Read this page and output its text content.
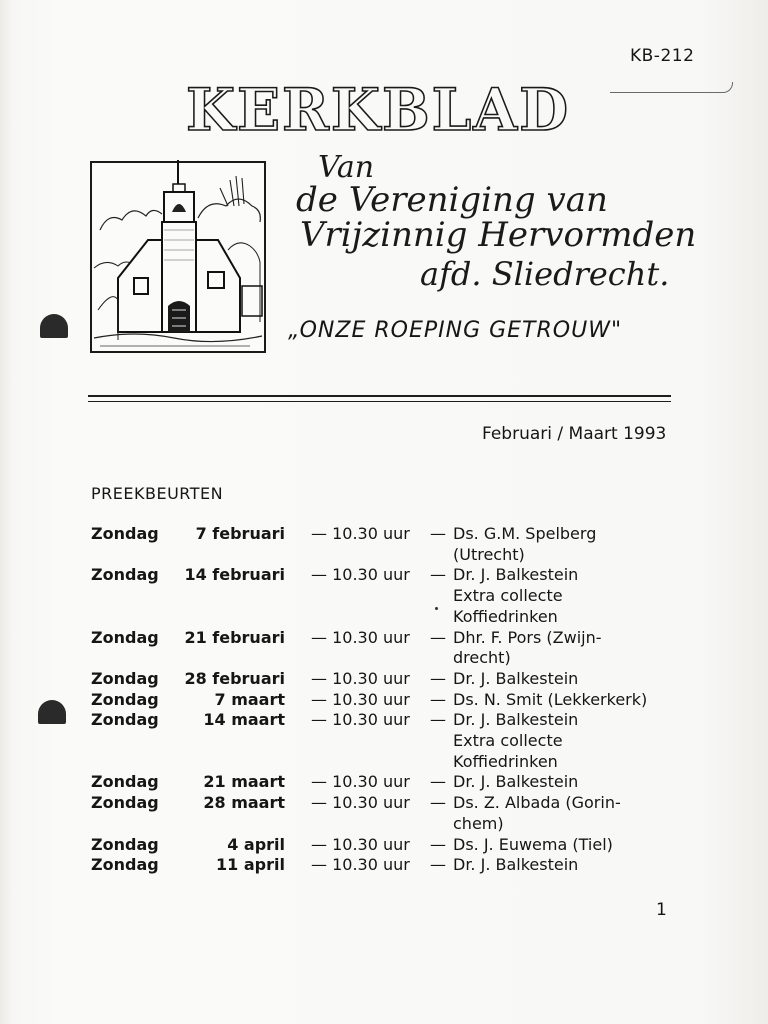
KB-212
KERKBLAD
Van
de Vereniging van
Vrijzinnig Hervormden
afd. Sliedrecht.
„ONZE ROEPING GETROUW"
Februari / Maart 1993
PREEKBEURTEN
Zondag	7 februari — 10.30 uur — Ds. G.M. Spelberg
(Utrecht)
Zondag	14 februari — 10.30 uur — Dr. J. Balkestein
Extra collecte
Koffiedrinken
Zondag	21 februari — 10.30 uur — Dhr. F. Pors (Zwijn-
drecht)
Zondag	28 februari — 10.30 uur — Dr. J. Balkestein
Zondag	7 maart — 10.30 uur — Ds. N. Smit (Lekkerkerk)
Zondag	14 maart — 10.30 uur — Dr. J. Balkestein
Extra collecte
Koffiedrinken
Zondag	21 maart — 10.30 uur — Dr. J. Balkestein
Zondag	28 maart — 10.30 uur — Ds. Z. Albada (Gorin-
chem)
Zondag	4 april — 10.30 uur — Ds. J. Euwema (Tiel)
Zondag	11 april — 10.30 uur — Dr. J. Balkestein
1
